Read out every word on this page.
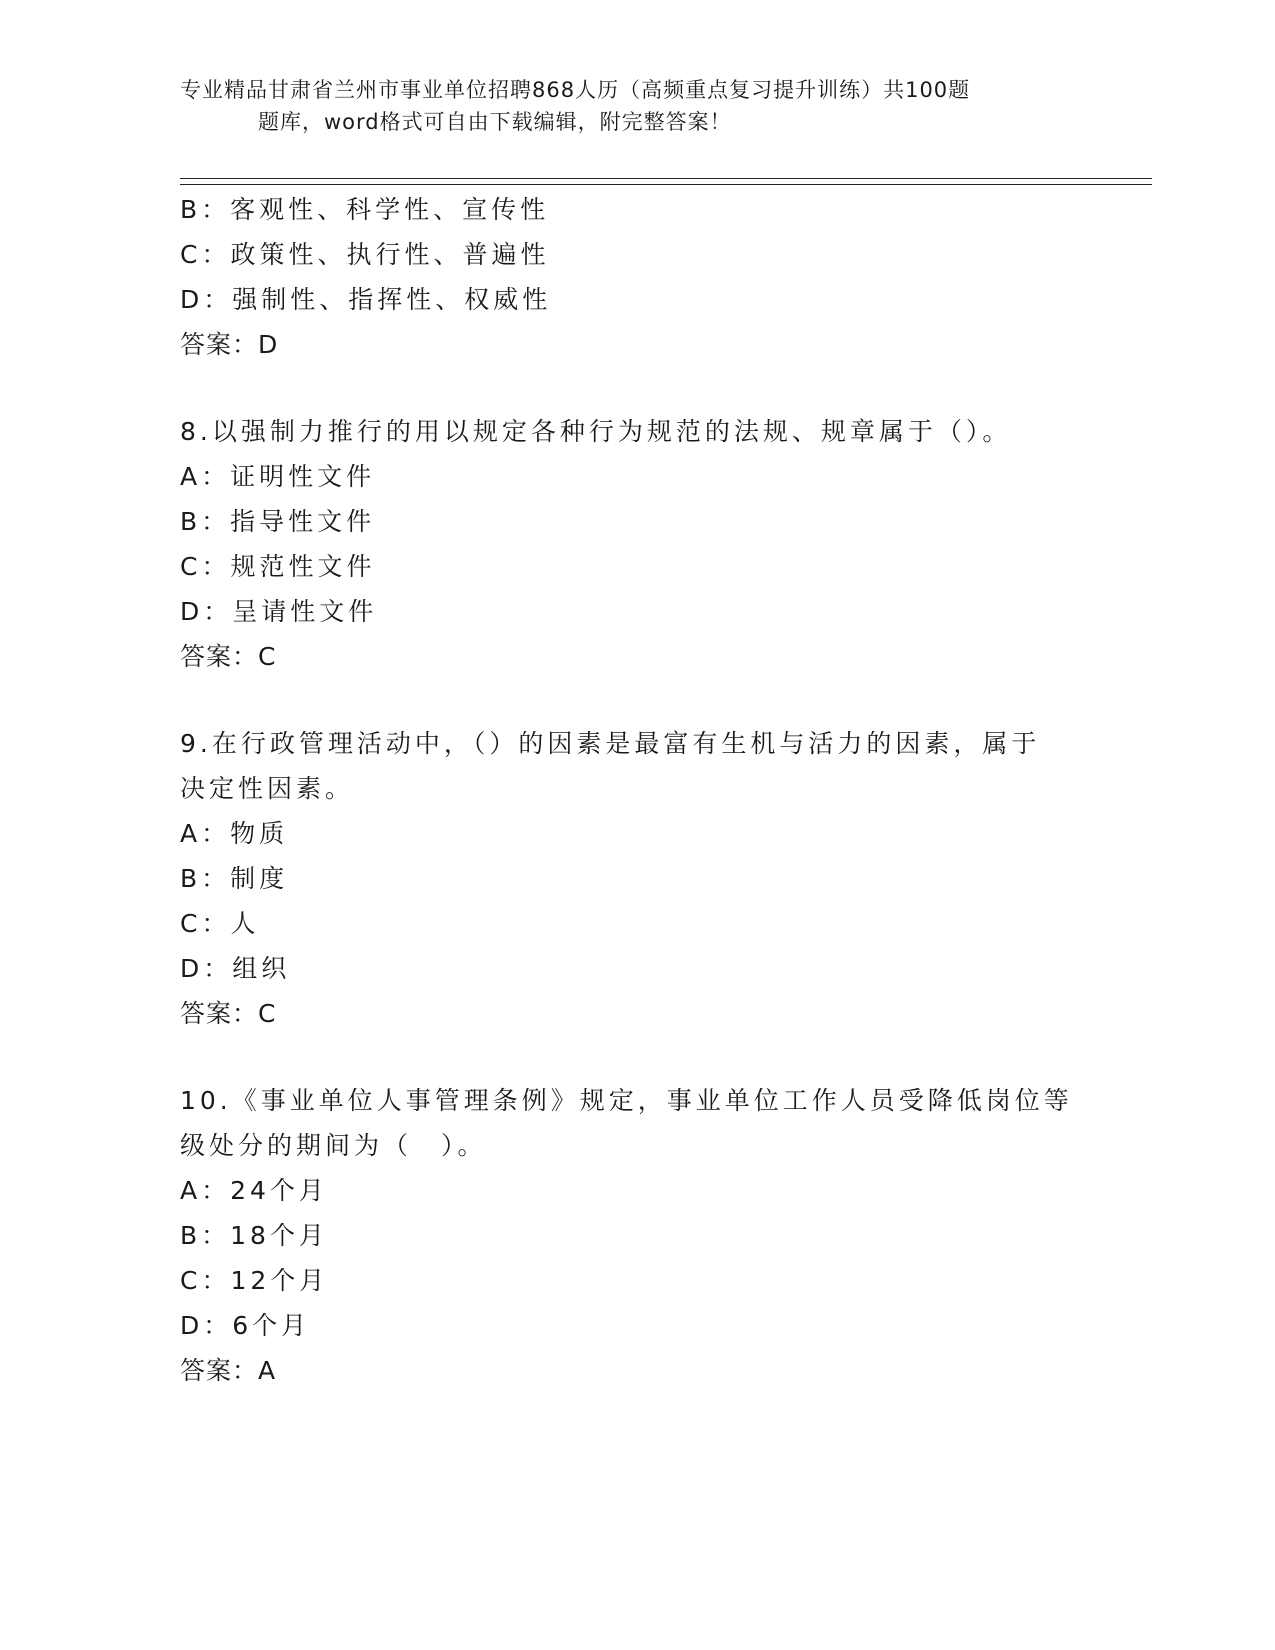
专业精品甘肃省兰州市事业单位招聘868人历（高频重点复习提升训练）共100题
题库，word格式可自由下载编辑，附完整答案！
B：客观性、科学性、宣传性
C：政策性、执行性、普遍性
D：强制性、指挥性、权威性
答案：D
8.以强制力推行的用以规定各种行为规范的法规、规章属于（）。
A：证明性文件
B：指导性文件
C：规范性文件
D：呈请性文件
答案：C
9.在行政管理活动中，（）的因素是最富有生机与活力的因素，属于
决定性因素。
A：物质
B：制度
C：人
D：组织
答案：C
10.《事业单位人事管理条例》规定，事业单位工作人员受降低岗位等
级处分的期间为（　）。
A：24个月
B：18个月
C：12个月
D：6个月
答案：A
